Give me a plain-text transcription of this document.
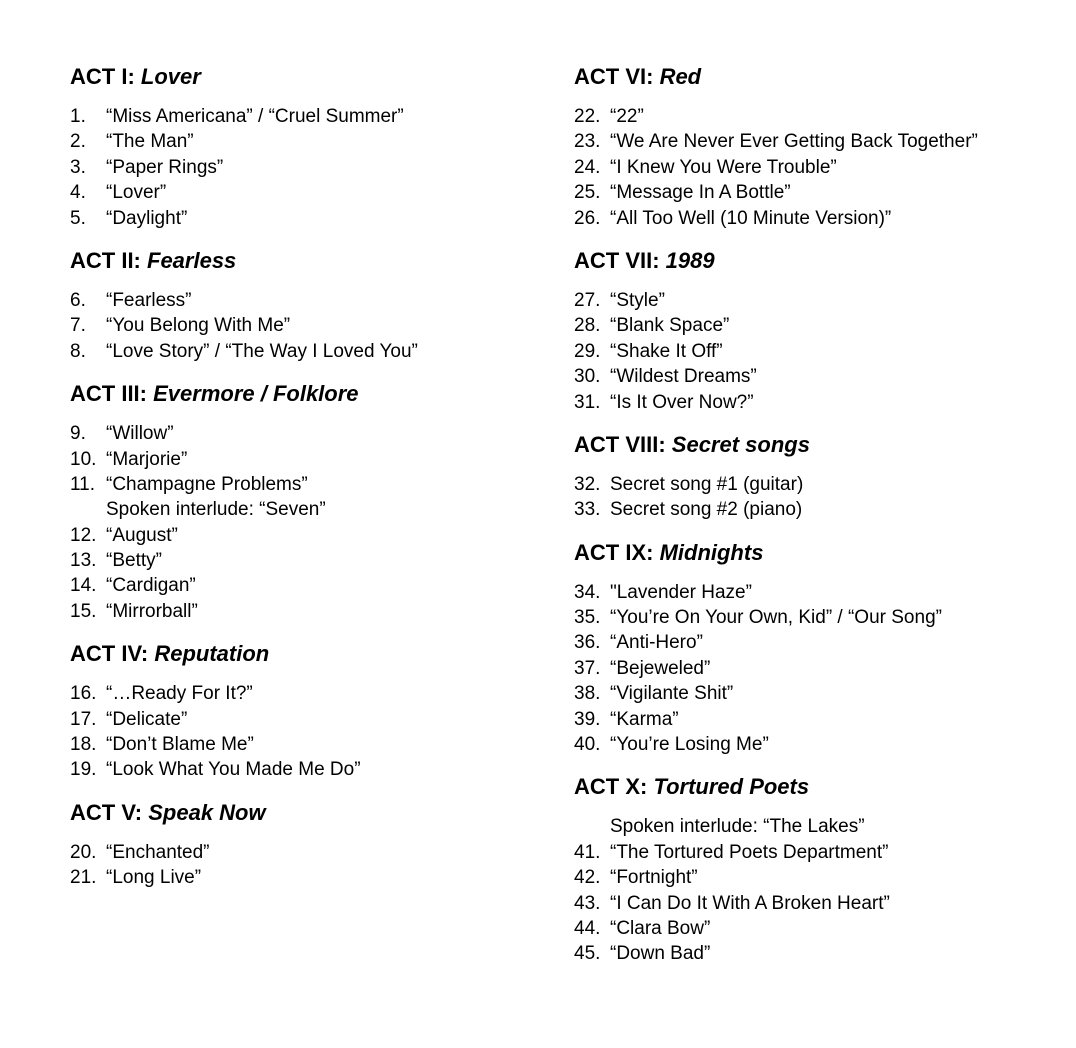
ACT I: Lover
1.	“Miss Americana” / “Cruel Summer”
2.	“The Man”
3.	“Paper Rings”
4.	“Lover”
5.	“Daylight”
ACT II: Fearless
6.	“Fearless”
7.	“You Belong With Me”
8.	“Love Story” / “The Way I Loved You”
ACT III: Evermore / Folklore
9.	“Willow”
10. “Marjorie”
11. “Champagne Problems”
Spoken interlude: “Seven”
12. “August”
13. “Betty”
14. “Cardigan”
15. “Mirrorball”
ACT IV: Reputation
16. “…Ready For It?”
17. “Delicate”
18. “Don’t Blame Me”
19. “Look What You Made Me Do”
ACT V: Speak Now
20. “Enchanted”
21. “Long Live”
ACT VI: Red
22. “22”
23. “We Are Never Ever Getting Back Together”
24. “I Knew You Were Trouble”
25. “Message In A Bottle”
26. “All Too Well (10 Minute Version)”
ACT VII: 1989
27. “Style”
28. “Blank Space”
29. “Shake It Off”
30. “Wildest Dreams”
31. “Is It Over Now?”
ACT VIII: Secret songs
32. Secret song #1 (guitar)
33. Secret song #2 (piano)
ACT IX: Midnights
34. "Lavender Haze”
35. “You’re On Your Own, Kid” / “Our Song”
36. “Anti-Hero”
37. “Bejeweled”
38. “Vigilante Shit”
39. “Karma”
40. “You’re Losing Me”
ACT X: Tortured Poets
Spoken interlude: “The Lakes”
41. “The Tortured Poets Department”
42. “Fortnight”
43. “I Can Do It With A Broken Heart”
44. “Clara Bow”
45. “Down Bad”
